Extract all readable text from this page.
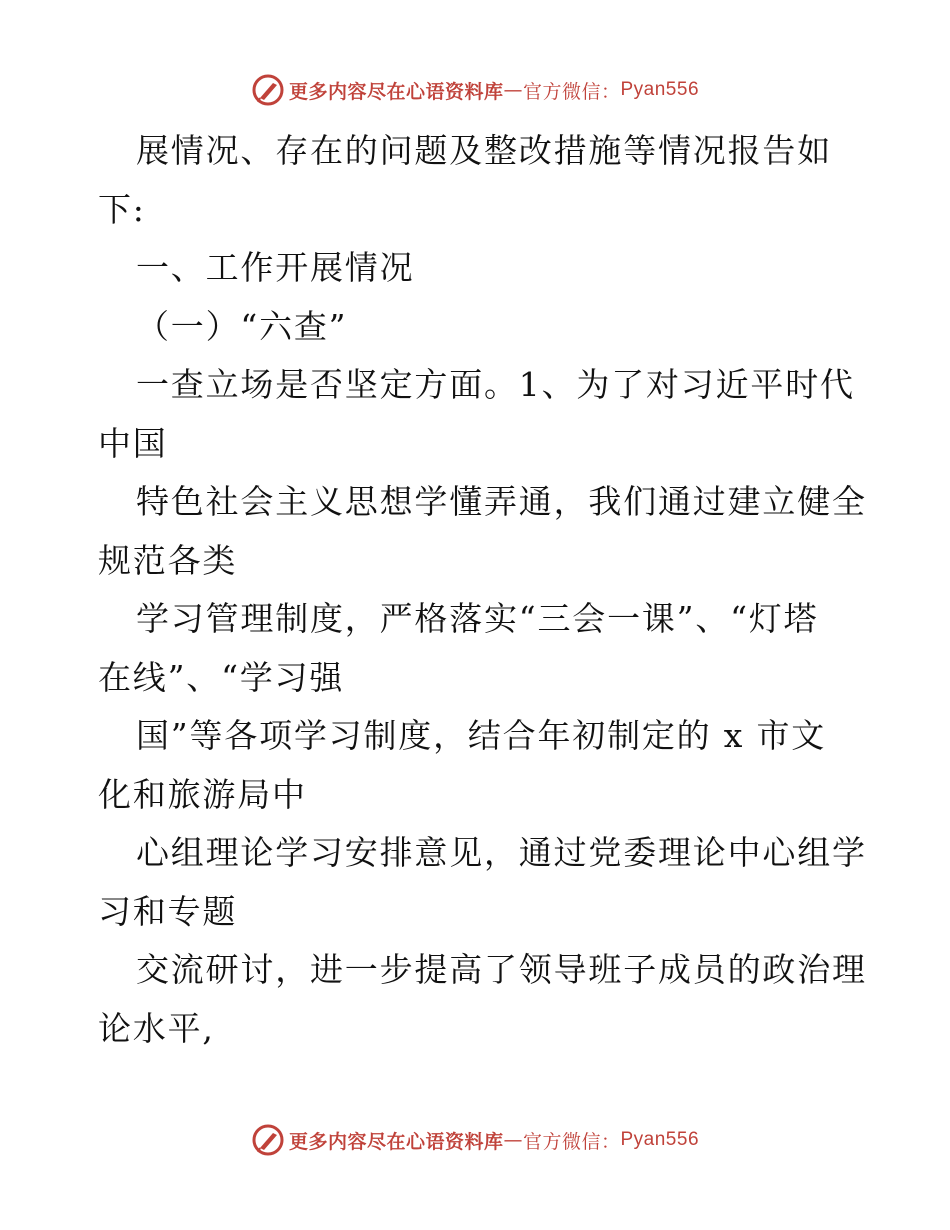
更多内容尽在心语资料库 — 官方微信： Pyan556
展情况、存在的问题及整改措施等情况报告如
下:
一、工作开展情况
（一）“六查”
一查立场是否坚定方面。1、为了对习近平时代
中国
特色社会主义思想学懂弄通，我们通过建立健全
规范各类
学习管理制度，严格落实“三会一课”、“灯塔
在线”、“学习强
国”等各项学习制度，结合年初制定的 x 市文
化和旅游局中
心组理论学习安排意见，通过党委理论中心组学
习和专题
交流研讨，进一步提高了领导班子成员的政治理
论水平,
更多内容尽在心语资料库 — 官方微信： Pyan556
